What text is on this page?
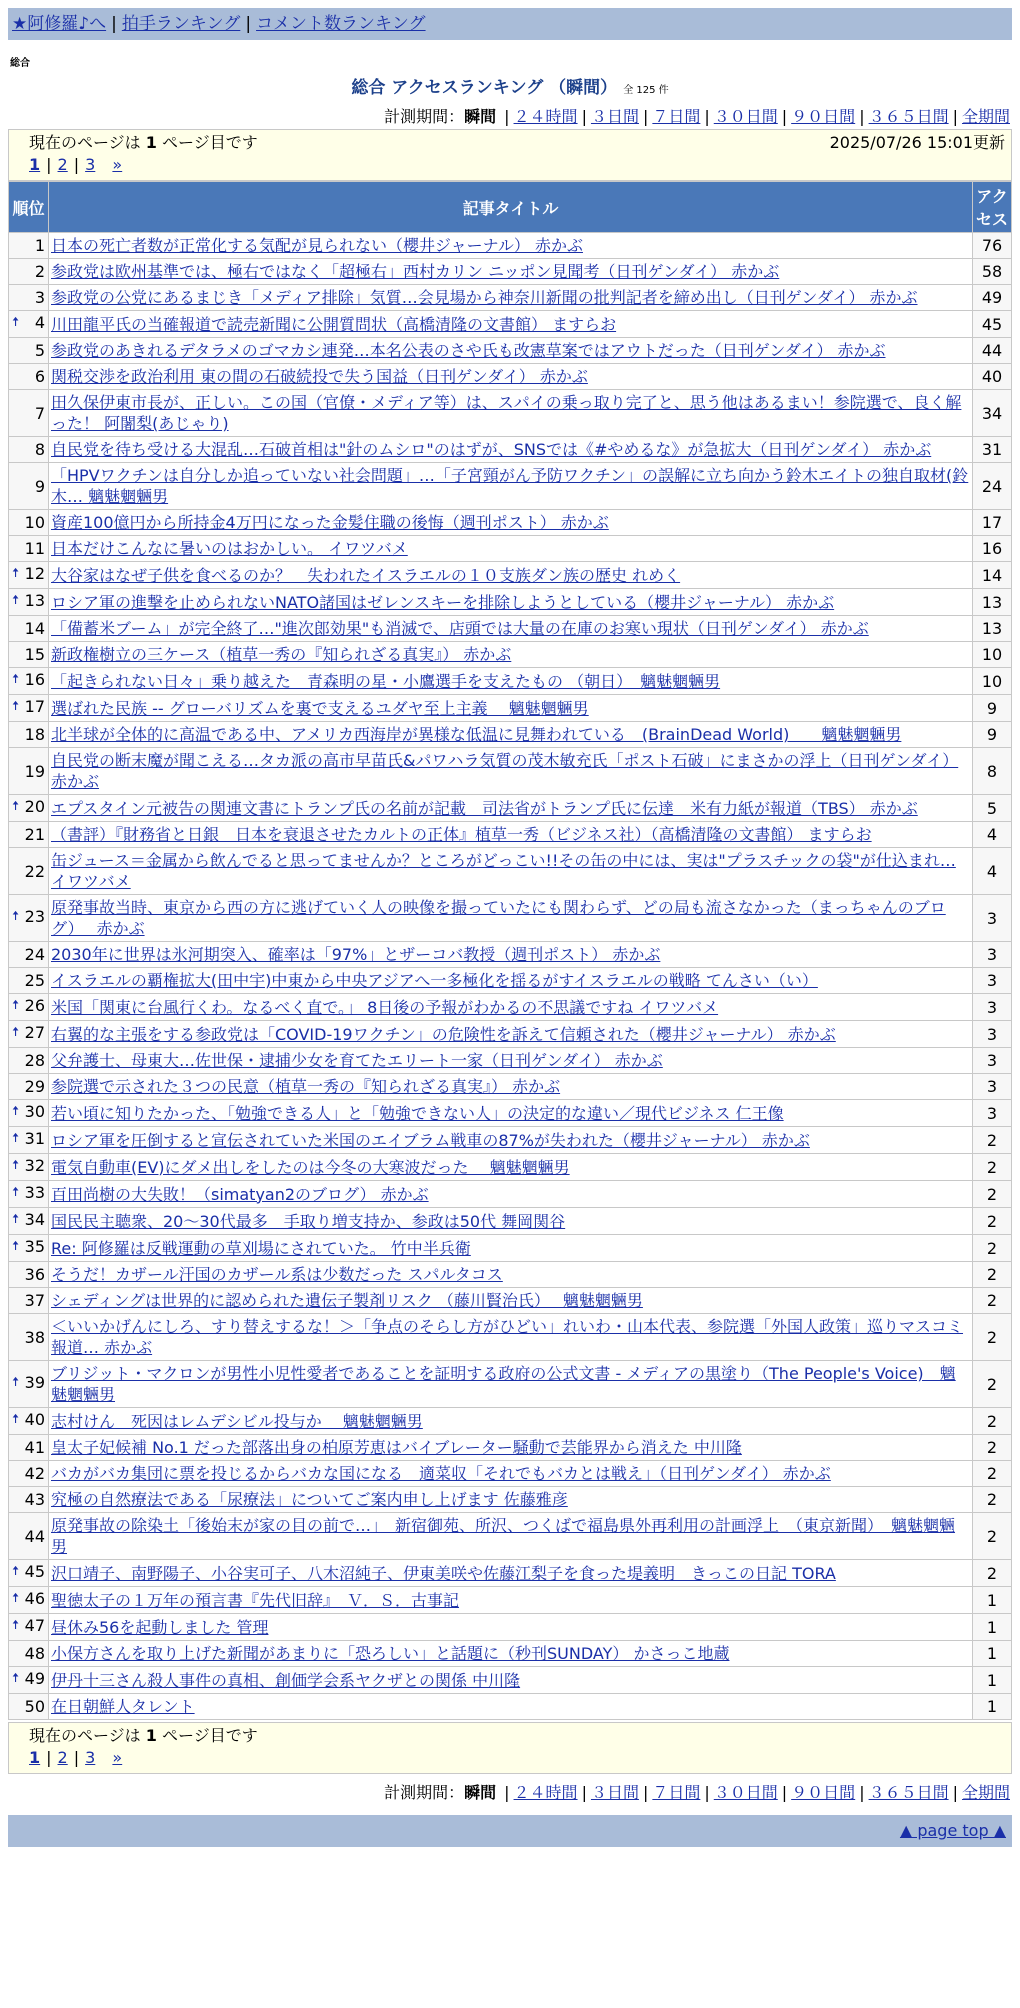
★阿修羅♪へ | 拍手ランキング | コメント数ランキング
総合
総合 アクセスランキング （瞬間） 全 125 件
計測期間：瞬間 | ２４時間 | ３日間 | ７日間 | ３０日間 | ９０日間 | ３６５日間 | 全期間
現在のページは 1 ページ目です	2025/07/26 15:01更新
1 | 2 | 3 »
順位	記事タイトル	アクセス
1	日本の死亡者数が正常化する気配が見られない（櫻井ジャーナル） 赤かぶ	76
2	参政党は欧州基準では、極右ではなく「超極右」西村カリン ニッポン見聞考（日刊ゲンダイ） 赤かぶ	58
3	参政党の公党にあるまじき「メディア排除」気質…会見場から神奈川新聞の批判記者を締め出し（日刊ゲンダイ） 赤かぶ	49

🠅 4	川田龍平氏の当確報道で読売新聞に公開質問状（高橋清隆の文書館） ますらお	45
5	参政党のあきれるデタラメのゴマカシ連発…本名公表のさや氏も改憲草案ではアウトだった（日刊ゲンダイ） 赤かぶ	44
6	関税交渉を政治利用 東の間の石破続投で失う国益（日刊ゲンダイ） 赤かぶ	40
7	田久保伊東市長が、正しい。この国（官僚・メディア等）は、スパイの乗っ取り完了と、思う他はあるまい！参院選で、良く解った！ 阿闍梨(あじゃり)	34
8	自民党を待ち受ける大混乱…石破首相は"針のムシロ"のはずが、SNSでは《#やめるな》が急拡大（日刊ゲンダイ） 赤かぶ	31
9	「HPVワクチンは自分しか追っていない社会問題」…「子宮頸がん予防ワクチン」の誤解に立ち向かう鈴木エイトの独自取材(鈴木… 魑魅魍魎男	24
10	資産100億円から所持金4万円になった金髪住職の後悔（週刊ポスト） 赤かぶ	17
11	日本だけこんなに暑いのはおかしい。 イワツバメ	16

🠅 12	大谷家はなぜ子供を食べるのか？　失われたイスラエルの１０支族ダン族の歴史 れめく	14

🠅 13	ロシア軍の進撃を止められないNATO諸国はゼレンスキーを排除しようとしている（櫻井ジャーナル） 赤かぶ	13
14	「備蓄米ブーム」が完全終了…"進次郎効果"も消滅で、店頭では大量の在庫のお寒い現状（日刊ゲンダイ） 赤かぶ	13
15	新政権樹立の三ケース（植草一秀の『知られざる真実』） 赤かぶ	10

🠅 16	「起きられない日々」乗り越えた　青森明の星・小鷹選手を支えたもの （朝日）　魑魅魍魎男	10

🠅 17	選ばれた民族 -- グローバリズムを裏で支えるユダヤ至上主義　 魑魅魍魎男	9
18	北半球が全体的に高温である中、アメリカ西海岸が異様な低温に見舞われている　(BrainDead World)　　魑魅魍魎男	9
19	自民党の断末魔が聞こえる…タカ派の高市早苗氏&パワハラ気質の茂木敏充氏「ポスト石破」にまさかの浮上（日刊ゲンダイ） 赤かぶ	8

🠅 20	エプスタイン元被告の関連文書にトランプ氏の名前が記載　司法省がトランプ氏に伝達　米有力紙が報道（TBS） 赤かぶ	5
21	（書評）『財務省と日銀　日本を衰退させたカルトの正体』植草一秀（ビジネス社）（高橋清隆の文書館） ますらお	4
22	缶ジュース＝金属から飲んでると思ってませんか？ところがどっこい!!その缶の中には、実は"プラスチックの袋"が仕込まれ… イワツバメ	4

🠅 23	原発事故当時、東京から西の方に逃げていく人の映像を撮っていたにも関わらず、どの局も流さなかった（まっちゃんのブログ）　 赤かぶ	3
24	2030年に世界は氷河期突入、確率は「97%」とザーコバ教授（週刊ポスト） 赤かぶ	3
25	イスラエルの覇権拡大(田中宇)中東から中央アジアへ一多極化を揺るがすイスラエルの戦略 てんさい（い）	3

🠅 26	米国「関東に台風行くわ。なるべく直で。」 8日後の予報がわかるの不思議ですね イワツバメ	3

🠅 27	右翼的な主張をする参政党は「COVID-19ワクチン」の危険性を訴えて信頼された（櫻井ジャーナル） 赤かぶ	3
28	父弁護士、母東大…佐世保・逮捕少女を育てたエリート一家（日刊ゲンダイ） 赤かぶ	3
29	参院選で示された３つの民意（植草一秀の『知られざる真実』） 赤かぶ	3

🠅 30	若い頃に知りたかった、「勉強できる人」と「勉強できない人」の決定的な違い／現代ビジネス 仁王像	3

🠅 31	ロシア軍を圧倒すると宣伝されていた米国のエイブラム戦車の87%が失われた（櫻井ジャーナル） 赤かぶ	2

🠅 32	電気自動車(EV)にダメ出しをしたのは今冬の大寒波だった　 魑魅魍魎男	2

🠅 33	百田尚樹の大失敗！（simatyan2のブログ） 赤かぶ	2

🠅 34	国民民主聴衆、20～30代最多　手取り増支持か、参政は50代 舞岡関谷	2

🠅 35	Re: 阿修羅は反戦運動の草刈場にされていた。 竹中半兵衛	2
36	そうだ！カザール汗国のカザール系は少数だった スパルタコス	2
37	シェディングは世界的に認められた遺伝子製剤リスク （藤川賢治氏）　 魑魅魍魎男	2
38	＜いいかげんにしろ、すり替えするな！＞「争点のそらし方がひどい」れいわ・山本代表、参院選「外国人政策」巡りマスコミ報道… 赤かぶ	2

🠅 39	ブリジット・マクロンが男性小児性愛者であることを証明する政府の公式文書 - メディアの黒塗り（The People's Voice)　魑魅魍魎男	2

🠅 40	志村けん　死因はレムデシビル投与か　 魑魅魍魎男	2
41	皇太子妃候補 No.1 だった部落出身の柏原芳恵はバイブレーター騒動で芸能界から消えた 中川隆	2
42	バカがバカ集団に票を投じるからバカな国になる　適菜収「それでもバカとは戦え」（日刊ゲンダイ） 赤かぶ	2
43	究極の自然療法である「尿療法」についてご案内申し上げます 佐藤雅彦	2
44	原発事故の除染土「後始末が家の目の前で…」　新宿御苑、所沢、つくばで福島県外再利用の計画浮上　（東京新聞）　魑魅魍魎男	2

🠅 45	沢口靖子、南野陽子、小谷実可子、八木沼純子、伊東美咲や佐藤江梨子を食った堤義明　きっこの日記 TORA	2

🠅 46	聖徳太子の１万年の預言書『先代旧辞』　Ｖ．Ｓ．古事記	1

🠅 47	昼休み56を起動しました 管理	1
48	小保方さんを取り上げた新聞があまりに「恐ろしい」と話題に（秒刊SUNDAY） かさっこ地蔵	1

🠅 49	伊丹十三さん殺人事件の真相、創価学会系ヤクザとの関係 中川隆	1
50	在日朝鮮人タレント	1
現在のページは 1 ページ目です
1 | 2 | 3 »
計測期間：瞬間 | ２４時間 | ３日間 | ７日間 | ３０日間 | ９０日間 | ３６５日間 | 全期間
▲ page top ▲
